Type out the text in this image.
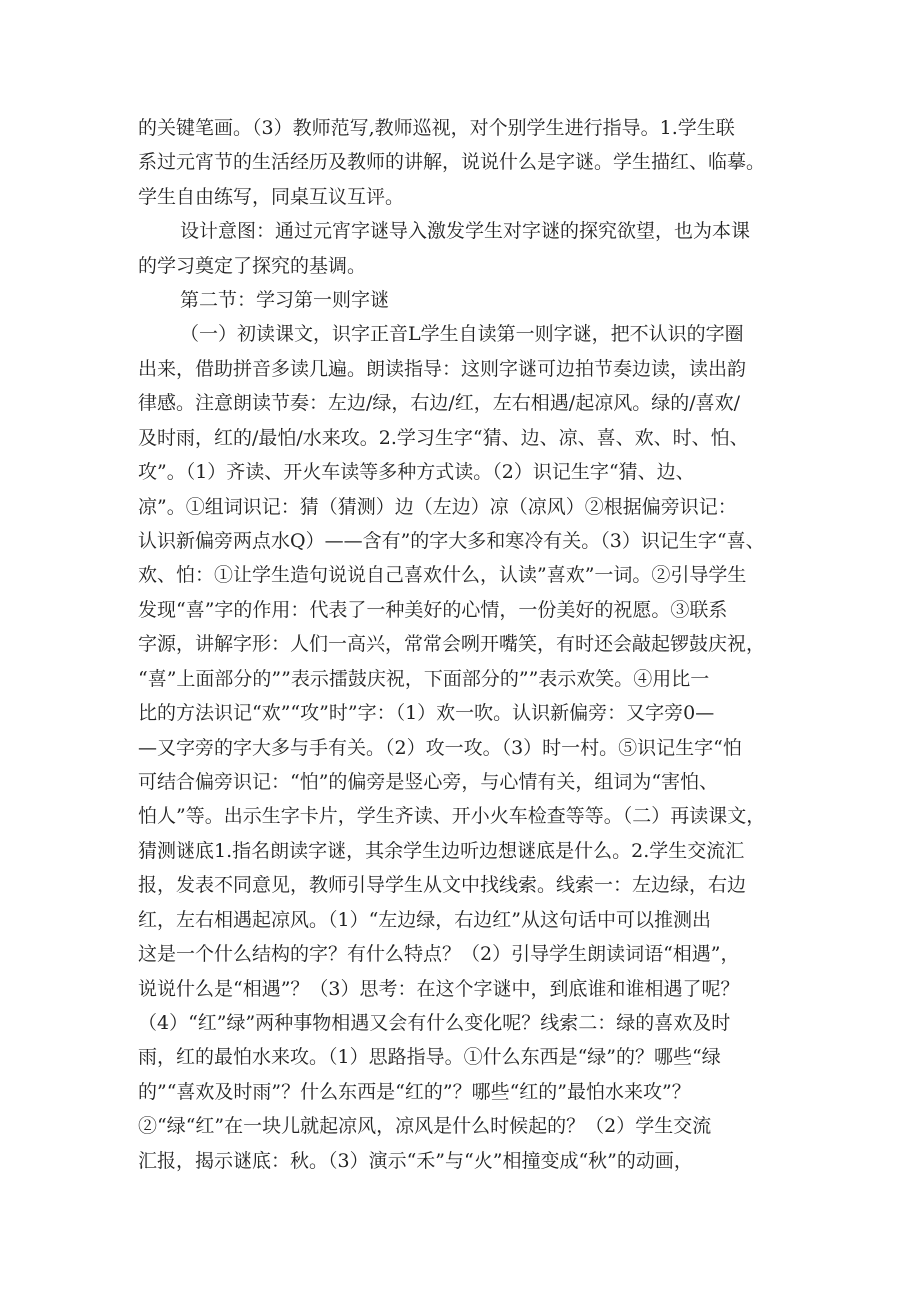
的关键笔画。（3）教师范写,教师巡视，对个别学生进行指导。1.学生联
系过元宵节的生活经历及教师的讲解，说说什么是字谜。学生描红、临摹。
学生自由练写，同桌互议互评。
设计意图：通过元宵字谜导入激发学生对字谜的探究欲望，也为本课
的学习奠定了探究的基调。
第二节：学习第一则字谜
（一）初读课文，识字正音L学生自读第一则字谜，把不认识的字圈
出来，借助拼音多读几遍。朗读指导：这则字谜可边拍节奏边读，读出韵
律感。注意朗读节奏：左边/绿，右边/红，左右相遇/起凉风。绿的/喜欢/
及时雨，红的/最怕/水来攻。2.学习生字“猜、边、凉、喜、欢、时、怕、
攻”。（1）齐读、开火车读等多种方式读。（2）识记生字“猜、边、
凉”。①组词识记：猜（猜测）边（左边）凉（凉风）②根据偏旁识记：
认识新偏旁两点水Q）——含有”的字大多和寒冷有关。（3）识记生字“喜、
欢、怕：①让学生造句说说自己喜欢什么，认读”喜欢”一词。②引导学生
发现“喜”字的作用：代表了一种美好的心情，一份美好的祝愿。③联系
字源，讲解字形：人们一高兴，常常会咧开嘴笑，有时还会敲起锣鼓庆祝，
“喜”上面部分的””表示擂鼓庆祝，下面部分的””表示欢笑。④用比一
比的方法识记“欢”“攻”时”字：（1）欢一吹。认识新偏旁：又字旁0—
—又字旁的字大多与手有关。（2）攻一攻。（3）时一村。⑤识记生字“怕
可结合偏旁识记：“怕”的偏旁是竖心旁，与心情有关，组词为“害怕、
怕人”等。出示生字卡片，学生齐读、开小火车检查等等。（二）再读课文，
猜测谜底1.指名朗读字谜，其余学生边听边想谜底是什么。2.学生交流汇
报，发表不同意见，教师引导学生从文中找线索。线索一：左边绿，右边
红，左右相遇起凉风。（1）“左边绿，右边红”从这句话中可以推测出
这是一个什么结构的字？有什么特点？（2）引导学生朗读词语“相遇”，
说说什么是“相遇”？（3）思考：在这个字谜中，到底谁和谁相遇了呢？
（4）“红”绿”两种事物相遇又会有什么变化呢？线索二：绿的喜欢及时
雨，红的最怕水来攻。（1）思路指导。①什么东西是“绿”的？哪些“绿
的”“喜欢及时雨”？什么东西是“红的”？哪些“红的”最怕水来攻”？
②“绿“红”在一块儿就起凉风，凉风是什么时候起的？（2）学生交流
汇报，揭示谜底：秋。（3）演示“禾”与“火”相撞变成“秋”的动画，
